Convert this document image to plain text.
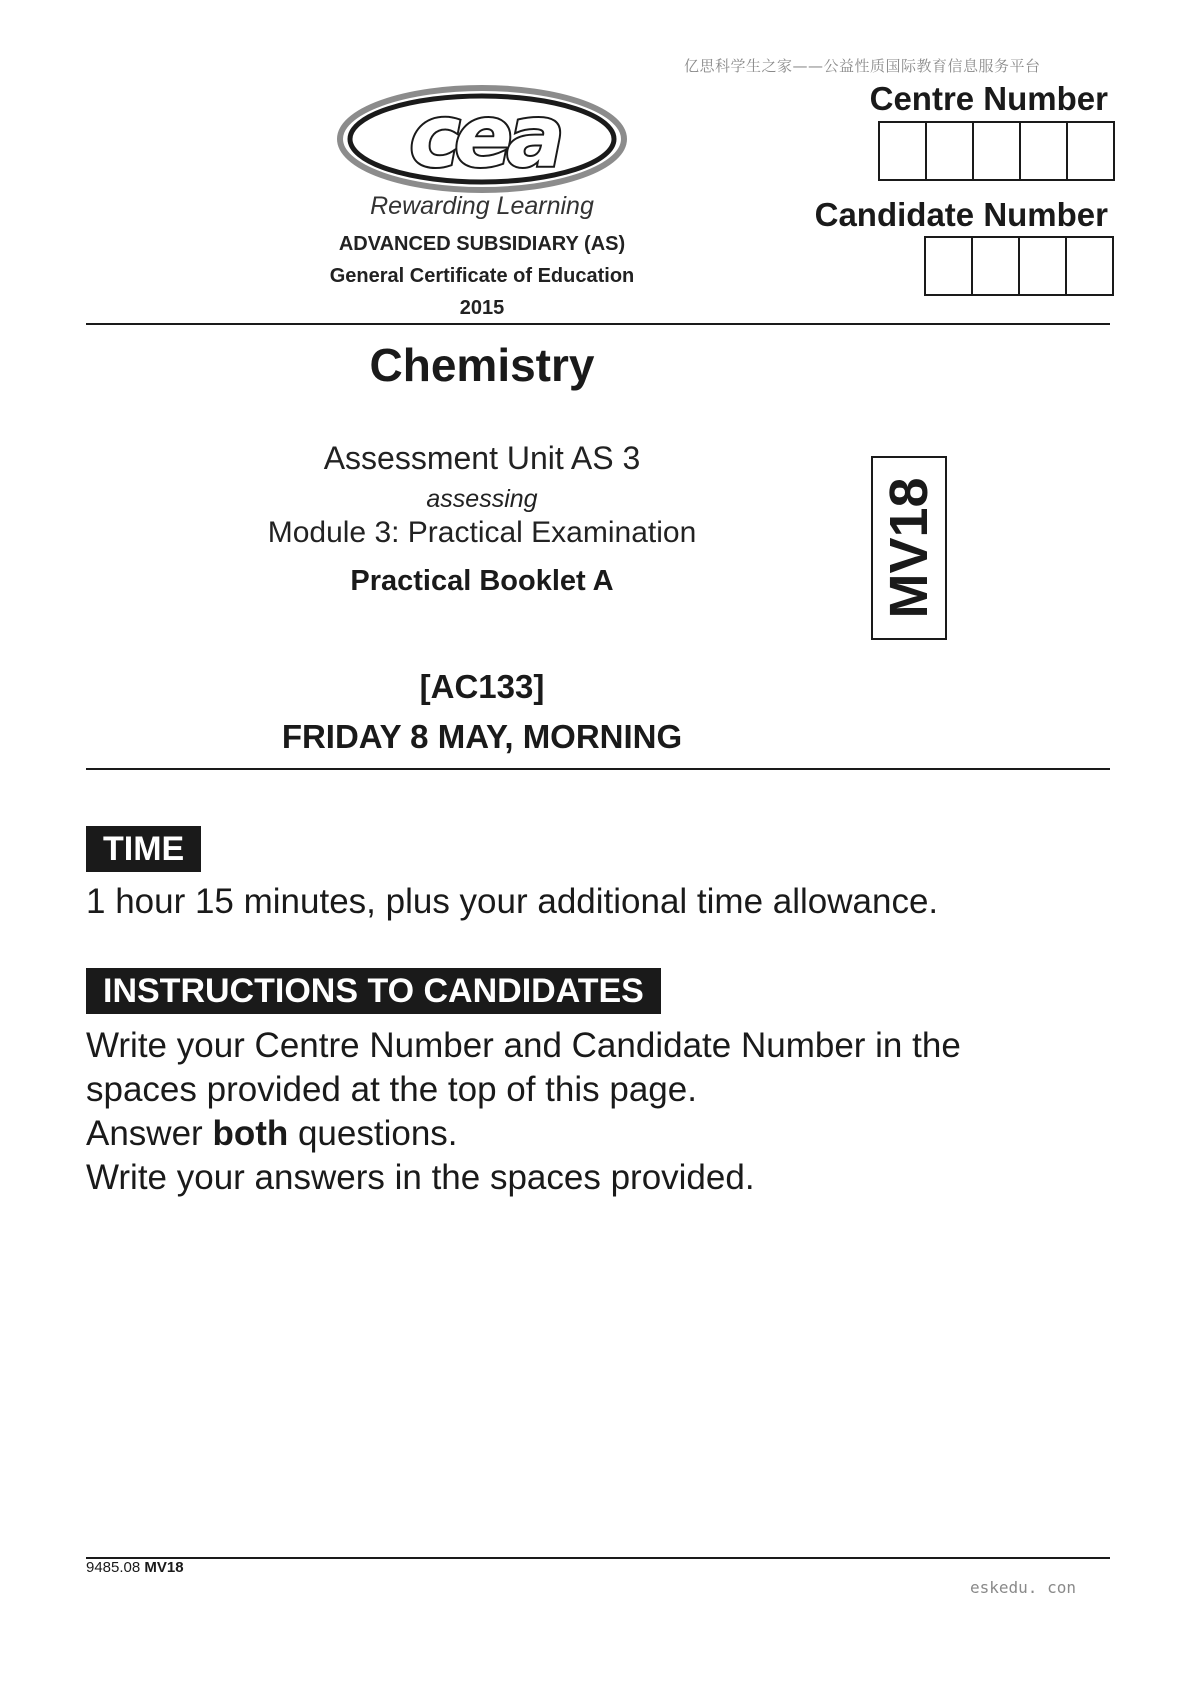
亿思科学生之家——公益性质国际教育信息服务平台
cea
Rewarding Learning
ADVANCED SUBSIDIARY (AS)
General Certificate of Education
2015
Centre Number
Candidate Number
Chemistry
Assessment Unit AS 3
assessing
Module 3: Practical Examination
Practical Booklet A	MV18
[AC133]
FRIDAY 8 MAY, MORNING
TIME
1 hour 15 minutes, plus your additional time allowance.
INSTRUCTIONS TO CANDIDATES
Write your Centre Number and Candidate Number in the
spaces provided at the top of this page.
Answer both questions.
Write your answers in the spaces provided.
9485.08 MV18
eskedu. con
